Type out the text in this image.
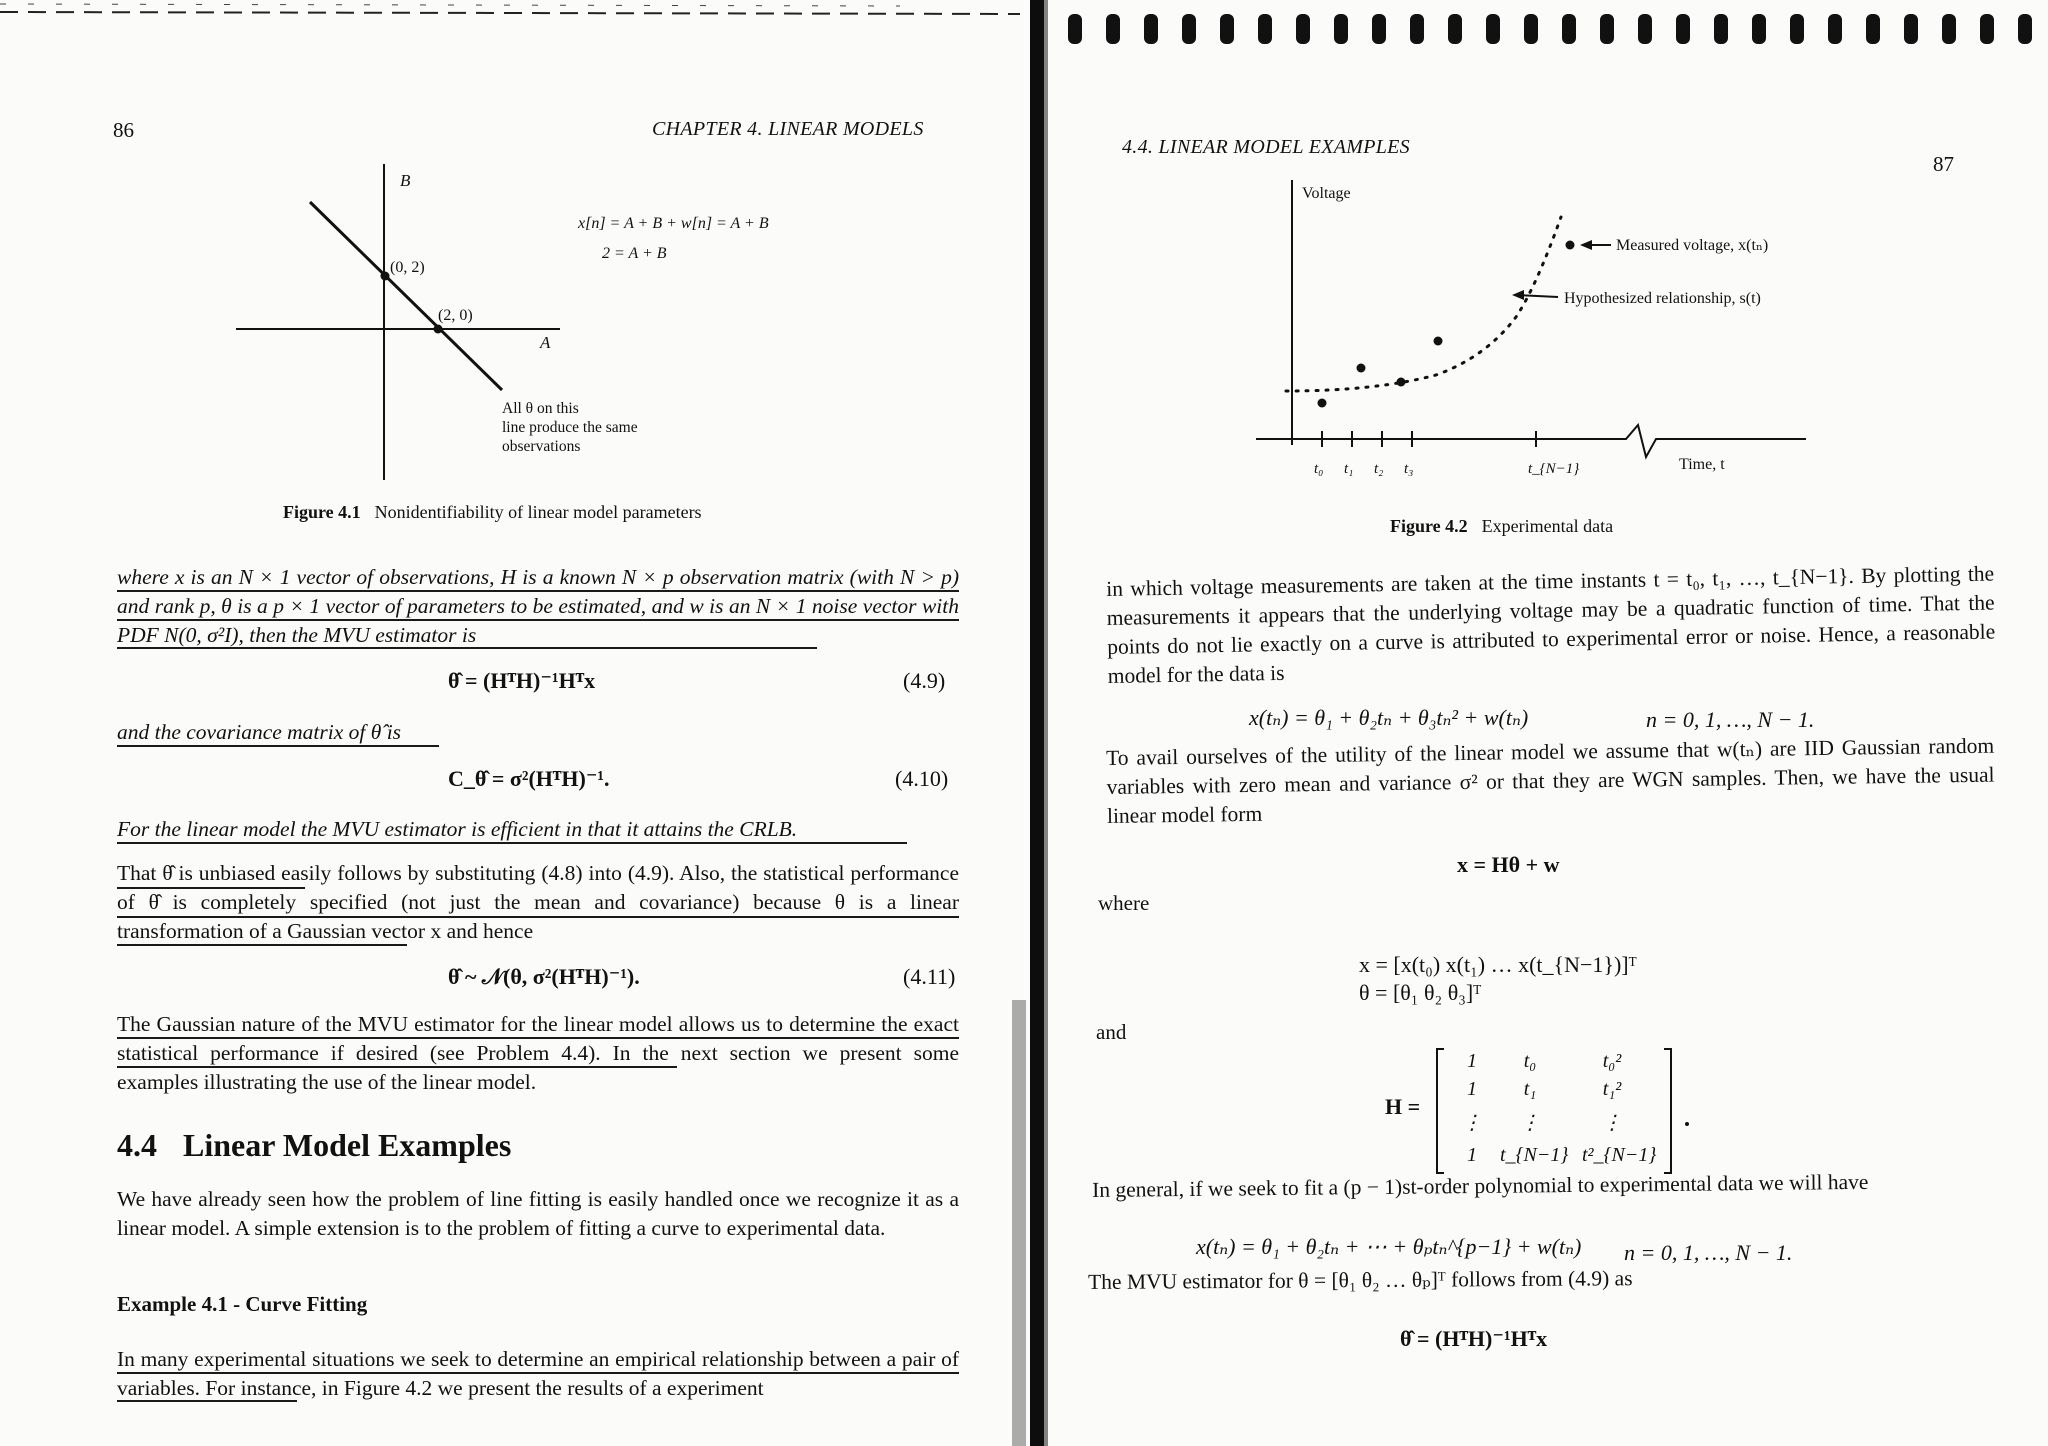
86	CHAPTER 4. LINEAR MODELS
B
A
(0, 2)
(2, 0)
x[n] = A + B + w[n] = A + B
2 = A + B
All θ on this
line produce the same
observations
Figure 4.1 Nonidentifiability of linear model parameters
where x is an N × 1 vector of observations, H is a known N × p observation matrix (with N > p) and rank p, θ is a p × 1 vector of parameters to be estimated, and w is an N × 1 noise vector with PDF N(0, σ²I), then the MVU estimator is
θ̂ = (HᵀH)⁻¹Hᵀx	(4.9)
and the covariance matrix of θ̂ is
C_θ̂ = σ²(HᵀH)⁻¹.	(4.10)
For the linear model the MVU estimator is efficient in that it attains the CRLB.
That θ̂ is unbiased easily follows by substituting (4.8) into (4.9). Also, the statistical performance of θ̂ is completely specified (not just the mean and covariance) because θ is a linear transformation of a Gaussian vector x and hence
θ̂ ~ 𝒩(θ, σ²(HᵀH)⁻¹).	(4.11)
The Gaussian nature of the MVU estimator for the linear model allows us to determine the exact statistical performance if desired (see Problem 4.4). In the next section we present some examples illustrating the use of the linear model.
4.4 Linear Model Examples
We have already seen how the problem of line fitting is easily handled once we recognize it as a linear model. A simple extension is to the problem of fitting a curve to experimental data.
Example 4.1 - Curve Fitting
In many experimental situations we seek to determine an empirical relationship between a pair of variables. For instance, in Figure 4.2 we present the results of a experiment
4.4. LINEAR MODEL EXAMPLES
87
Voltage
Measured voltage, x(tₙ)
Hypothesized relationship, s(t)
Time, t
t₀ t₁ t₂ t₃	t_{N−1}
Figure 4.2 Experimental data
in which voltage measurements are taken at the time instants t = t₀, t₁, …, t_{N−1}. By plotting the measurements it appears that the underlying voltage may be a quadratic function of time. That the points do not lie exactly on a curve is attributed to experimental error or noise. Hence, a reasonable model for the data is
x(tₙ) = θ₁ + θ₂tₙ + θ₃tₙ² + w(tₙ)	n = 0, 1, …, N − 1.
To avail ourselves of the utility of the linear model we assume that w(tₙ) are IID Gaussian random variables with zero mean and variance σ² or that they are WGN samples. Then, we have the usual linear model form
x = Hθ + w
where
x = [x(t₀) x(t₁) … x(t_{N−1})]ᵀ
θ = [θ₁ θ₂ θ₃]ᵀ
and
H =
1	t₀	t₀²
1	t₁	t₁²
⋮	⋮	⋮
1	t_{N−1} t²_{N−1}
In general, if we seek to fit a (p − 1)st-order polynomial to experimental data we will have
x(tₙ) = θ₁ + θ₂tₙ + ⋯ + θₚtₙ^{p−1} + w(tₙ) n = 0, 1, …, N − 1.
The MVU estimator for θ = [θ₁ θ₂ … θₚ]ᵀ follows from (4.9) as
θ̂ = (HᵀH)⁻¹Hᵀx
